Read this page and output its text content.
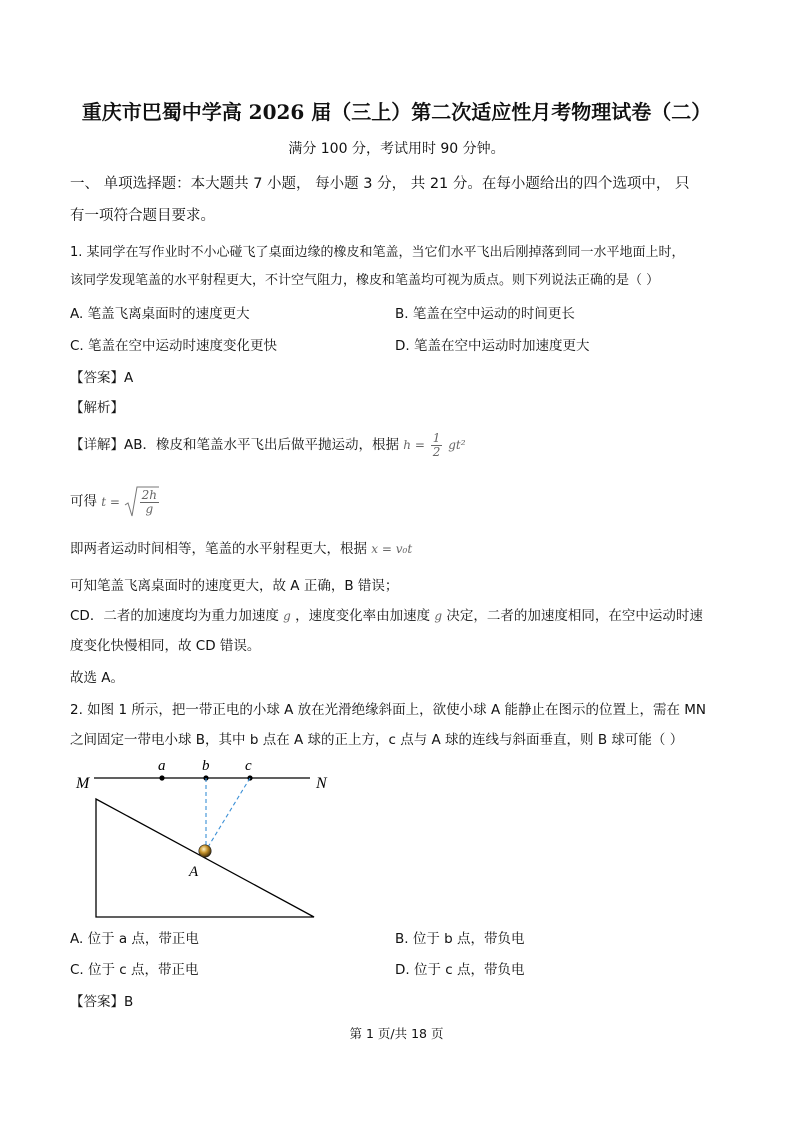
重庆市巴蜀中学高 2026 届（三上）第二次适应性月考物理试卷（二）
满分 100 分，考试用时 90 分钟。
一、 单项选择题：本大题共 7 小题， 每小题 3 分， 共 21 分。在每小题给出的四个选项中， 只
有一项符合题目要求。
1. 某同学在写作业时不小心碰飞了桌面边缘的橡皮和笔盖，当它们水平飞出后刚掉落到同一水平地面上时，
该同学发现笔盖的水平射程更大，不计空气阻力，橡皮和笔盖均可视为质点。则下列说法正确的是（ ）
A. 笔盖飞离桌面时的速度更大	B. 笔盖在空中运动的时间更长
C. 笔盖在空中运动时速度变化更快	D. 笔盖在空中运动时加速度更大
【答案】A
【解析】
【详解】AB．橡皮和笔盖水平飞出后做平抛运动，根据 $h = \frac{1}{2} gt^2$
可得 $t = \frac{2h}{g}$
即两者运动时间相等，笔盖的水平射程更大，根据 x = v₀t
可知笔盖飞离桌面时的速度更大，故 A 正确，B 错误；
CD．二者的加速度均为重力加速度 g ，速度变化率由加速度 g 决定，二者的加速度相同，在空中运动时速
度变化快慢相同，故 CD 错误。
故选 A。
2. 如图 1 所示，把一带正电的小球 A 放在光滑绝缘斜面上，欲使小球 A 能静止在图示的位置上，需在 MN
之间固定一带电小球 B，其中 b 点在 A 球的正上方，c 点与 A 球的连线与斜面垂直，则 B 球可能（ ）
M	N
a b c
A
A. 位于 a 点，带正电	B. 位于 b 点，带负电
C. 位于 c 点，带正电	D. 位于 c 点，带负电
【答案】B
第 1 页/共 18 页
